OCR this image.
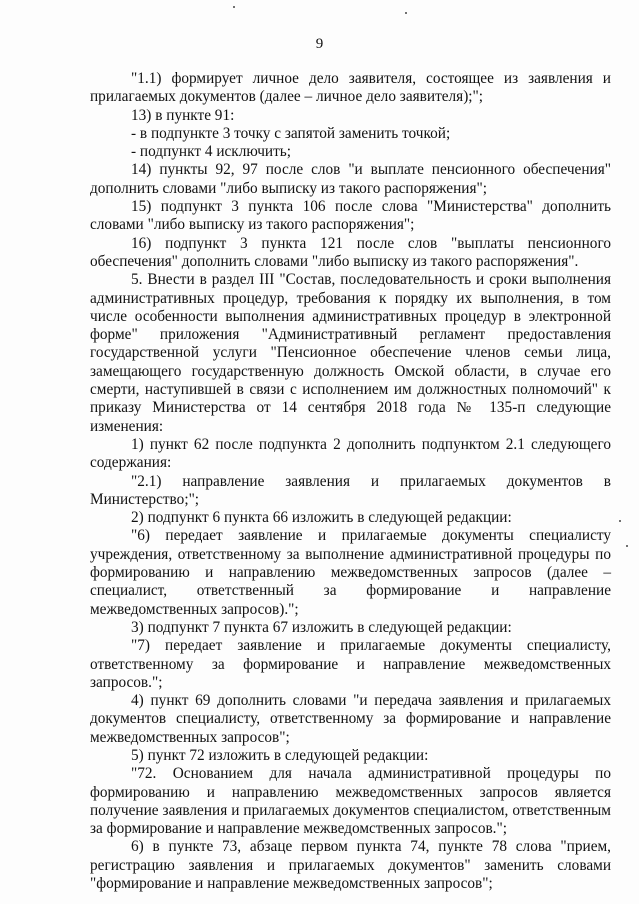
9

"1.1) формирует личное дело заявителя, состоящее из заявления и прилагаемых документов (далее – личное дело заявителя);";

13) в пункте 91:

- в подпункте 3 точку с запятой заменить точкой;

- подпункт 4 исключить;

14) пункты 92, 97 после слов "и выплате пенсионного обеспечения" дополнить словами "либо выписку из такого распоряжения";

15) подпункт 3 пункта 106 после слова "Министерства" дополнить словами "либо выписку из такого распоряжения";

16) подпункт 3 пункта 121 после слов "выплаты пенсионного обеспечения" дополнить словами "либо выписку из такого распоряжения".

5. Внести в раздел III "Состав, последовательность и сроки выполнения административных процедур, требования к порядку их выполнения, в том числе особенности выполнения административных процедур в электронной форме" приложения "Административный регламент предоставления государственной услуги "Пенсионное обеспечение членов семьи лица, замещающего государственную должность Омской области, в случае его смерти, наступившей в связи с исполнением им должностных полномочий" к приказу Министерства от 14 сентября 2018 года № 135-п следующие изменения:

1) пункт 62 после подпункта 2 дополнить подпунктом 2.1 следующего содержания:

"2.1) направление заявления и прилагаемых документов в Министерство;";

2) подпункт 6 пункта 66 изложить в следующей редакции:

"6) передает заявление и прилагаемые документы специалисту учреждения, ответственному за выполнение административной процедуры по формированию и направлению межведомственных запросов (далее – специалист, ответственный за формирование и направление межведомственных запросов).";

3) подпункт 7 пункта 67 изложить в следующей редакции:

"7) передает заявление и прилагаемые документы специалисту, ответственному за формирование и направление межведомственных запросов.";

4) пункт 69 дополнить словами "и передача заявления и прилагаемых документов специалисту, ответственному за формирование и направление межведомственных запросов";

5) пункт 72 изложить в следующей редакции:

"72. Основанием для начала административной процедуры по формированию и направлению межведомственных запросов является получение заявления и прилагаемых документов специалистом, ответственным за формирование и направление межведомственных запросов.";

6) в пункте 73, абзаце первом пункта 74, пункте 78 слова "прием, регистрацию заявления и прилагаемых документов" заменить словами "формирование и направление межведомственных запросов";
